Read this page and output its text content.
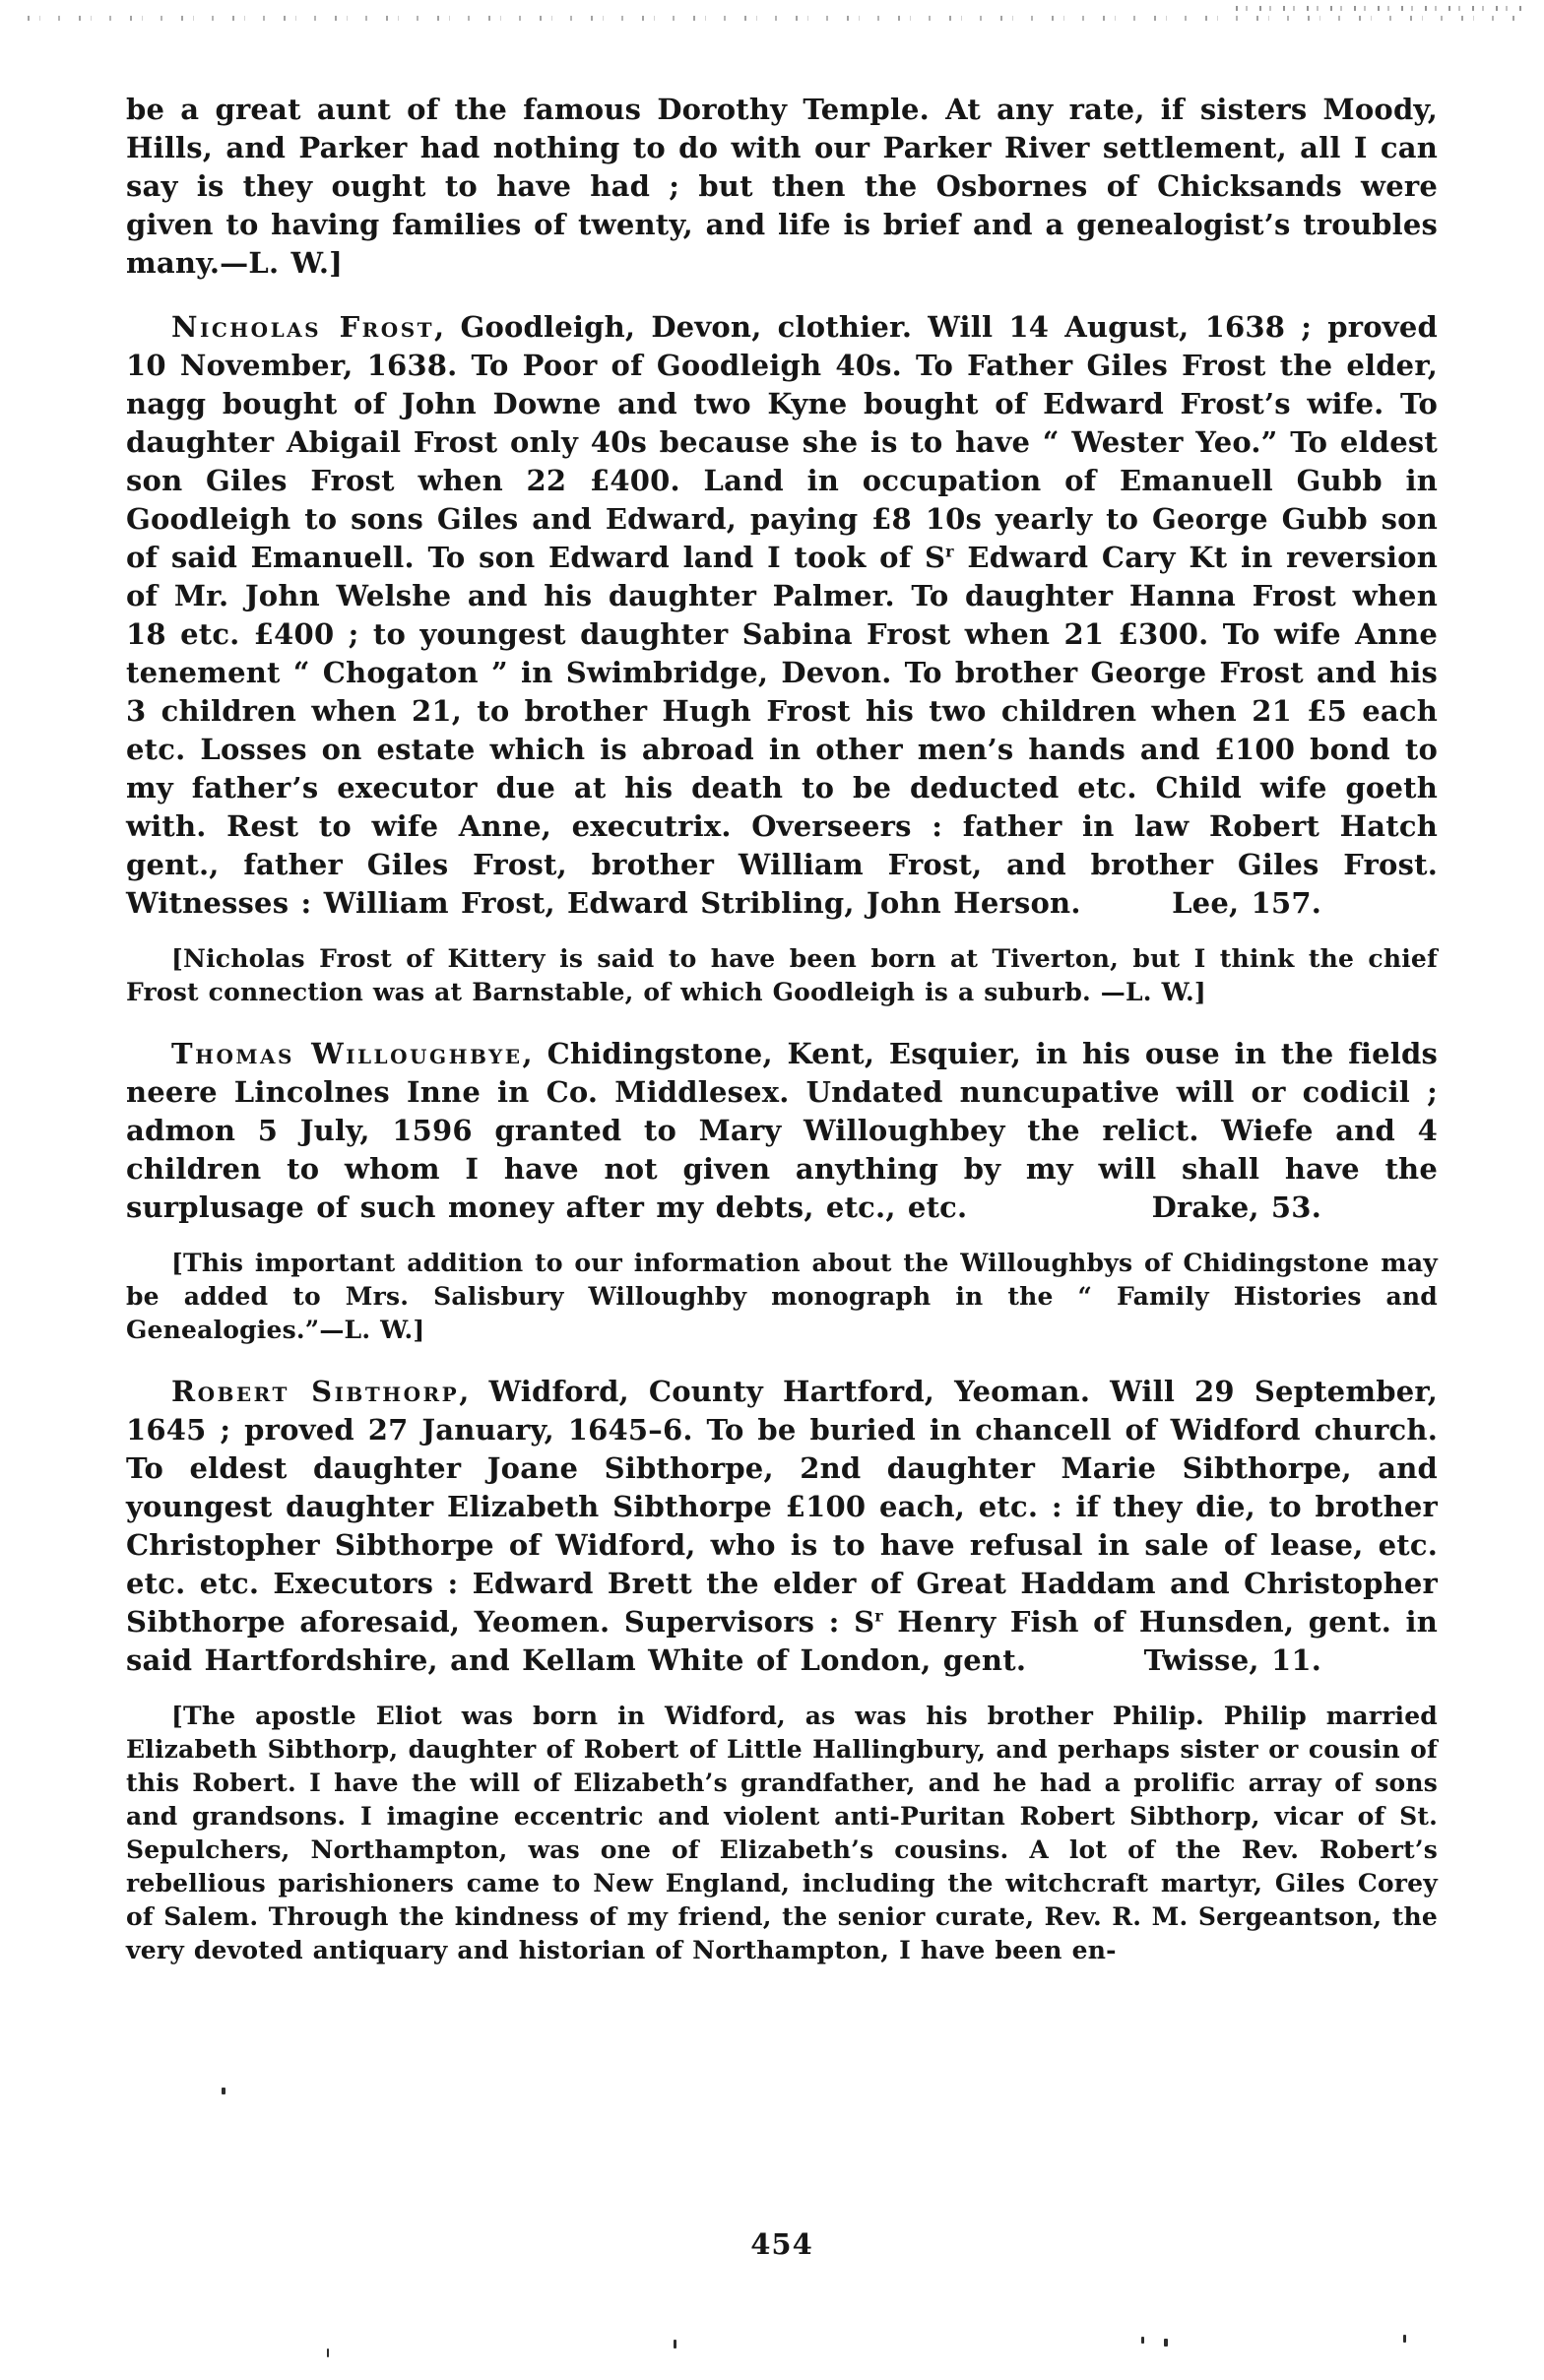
be a great aunt of the famous Dorothy Temple. At any rate, if sisters Moody, Hills, and Parker had nothing to do with our Parker River settlement, all I can say is they ought to have had ; but then the Osbornes of Chicksands were given to having families of twenty, and life is brief and a genealogist’s troubles many.—L. W.]

Nicholas Frost, Goodleigh, Devon, clothier. Will 14 August, 1638 ; proved 10 November, 1638. To Poor of Goodleigh 40s. To Father Giles Frost the elder, nagg bought of John Downe and two Kyne bought of Edward Frost’s wife. To daughter Abigail Frost only 40s because she is to have “ Wester Yeo.” To eldest son Giles Frost when 22 £400. Land in occupation of Emanuell Gubb in Goodleigh to sons Giles and Edward, paying £8 10s yearly to George Gubb son of said Emanuell. To son Edward land I took of $S^r$ Edward Cary Kt in reversion of Mr. John Welshe and his daughter Palmer. To daughter Hanna Frost when 18 etc. £400 ; to youngest daughter Sabina Frost when 21 £300. To wife Anne tenement “ Chogaton ” in Swimbridge, Devon. To brother George Frost and his 3 children when 21, to brother Hugh Frost his two children when 21 £5 each etc. Losses on estate which is abroad in other men’s hands and £100 bond to my father’s executor due at his death to be deducted etc. Child wife goeth with. Rest to wife Anne, executrix. Overseers : father in law Robert Hatch gent., father Giles Frost, brother William Frost, and brother Giles Frost. Witnesses : William Frost, Edward Stribling, John Herson.	Lee, 157.

[Nicholas Frost of Kittery is said to have been born at Tiverton, but I think the chief Frost connection was at Barnstable, of which Goodleigh is a suburb. —L. W.]

Thomas Willoughbye, Chidingstone, Kent, Esquier, in his ouse in the fields neere Lincolnes Inne in Co. Middlesex. Undated nuncupative will or codicil ; admon 5 July, 1596 granted to Mary Willoughbey the relict. Wiefe and 4 children to whom I have not given anything by my will shall have the surplusage of such money after my debts, etc., etc.	Drake, 53.

[This important addition to our information about the Willoughbys of Chidingstone may be added to Mrs. Salisbury Willoughby monograph in the “ Family Histories and Genealogies.”—L. W.]

Robert Sibthorp, Widford, County Hartford, Yeoman. Will 29 September, 1645 ; proved 27 January, 1645–6. To be buried in chancell of Widford church. To eldest daughter Joane Sibthorpe, 2nd daughter Marie Sibthorpe, and youngest daughter Elizabeth Sibthorpe £100 each, etc. : if they die, to brother Christopher Sibthorpe of Widford, who is to have refusal in sale of lease, etc. etc. etc. Executors : Edward Brett the elder of Great Haddam and Christopher Sibthorpe aforesaid, Yeomen. Supervisors : $S^r$ Henry Fish of Hunsden, gent. in said Hartfordshire, and Kellam White of London, gent.	Twisse, 11.

[The apostle Eliot was born in Widford, as was his brother Philip. Philip married Elizabeth Sibthorp, daughter of Robert of Little Hallingbury, and perhaps sister or cousin of this Robert. I have the will of Elizabeth’s grandfather, and he had a prolific array of sons and grandsons. I imagine eccentric and violent anti-Puritan Robert Sibthorp, vicar of St. Sepulchers, Northampton, was one of Elizabeth’s cousins. A lot of the Rev. Robert’s rebellious parishioners came to New England, including the witchcraft martyr, Giles Corey of Salem. Through the kindness of my friend, the senior curate, Rev. R. M. Sergeantson, the very devoted antiquary and historian of Northampton, I have been en-

454
